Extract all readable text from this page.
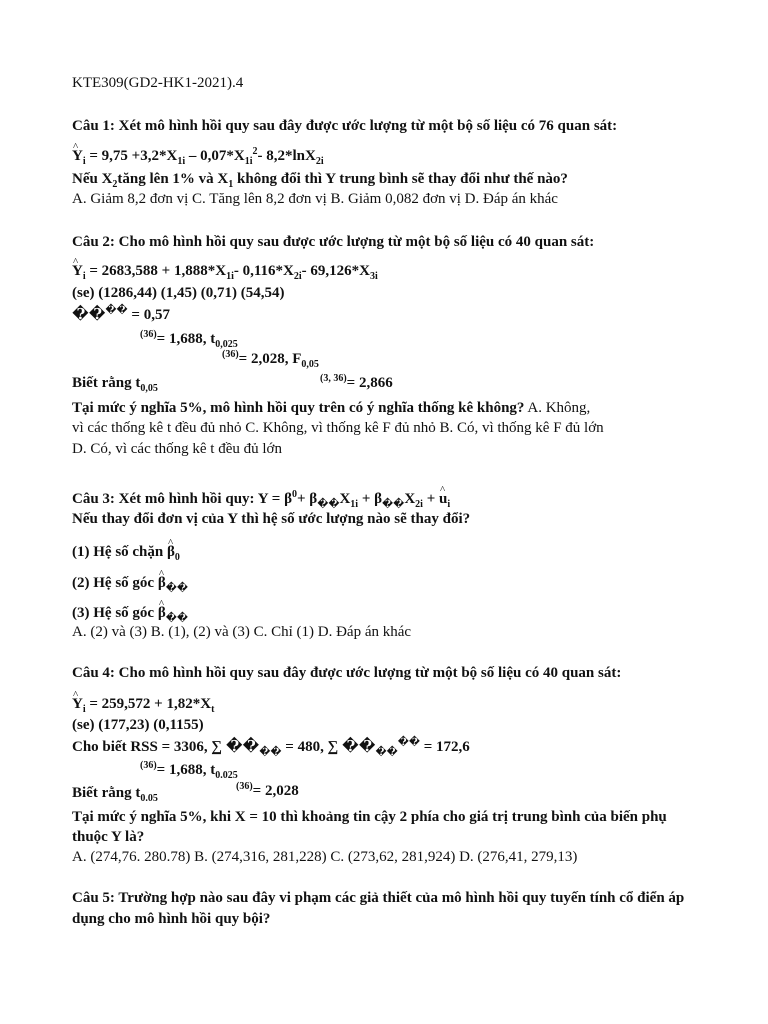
KTE309(GD2-HK1-2021).4
Câu 1: Xét mô hình hồi quy sau đây được ước lượng từ một bộ số liệu có 76 quan sát:
^ $Y_i = 9,75 +3,2*X_{1i} - 0,07*X_{1i}^2-$ 8,2*lnX$_{2i}$
Nếu $X_2tăng$ lên 1% và $X_1$ không đổi thì Y trung bình sẽ thay đổi như thế nào?
A. Giảm 8,2 đơn vị C. Tăng lên 8,2 đơn vị B. Giảm 0,082 đơn vị D. Đáp án khác
Câu 2: Cho mô hình hồi quy sau được ước lượng từ một bộ số liệu có 40 quan sát:
^ $Y_i = 2683,588 + 1,888*X_{1i}-$ $0,116*X_{2i}-$ $69,126*X_{3i}$
(se) (1286,44) (1,45) (0,71) (54,54)
���� = 0,57
$^{(36)}$= 1,688, $t_{0,025}$
$^{(36)}$= 2,028, $F_{0,05}$
Biết rằng $t_{0,05}$
$^{(3, 36)}$= 2,866
Tại mức ý nghĩa 5%, mô hình hồi quy trên có ý nghĩa thống kê không? A. Không,
vì các thống kê t đều đủ nhỏ C. Không, vì thống kê F đủ nhỏ B. Có, vì thống kê F đủ lớn
D. Có, vì các thống kê t đều đủ lớn
Câu 3: Xét mô hình hồi quy: $Y = \beta^0+ \beta_{��}X_{1i} + \beta_{��}X_{2i}$ + ^ $u_i$
Nếu thay đổi đơn vị của Y thì hệ số ước lượng nào sẽ thay đổi?
(1) Hệ số chặn ^ $\beta_0$
(2) Hệ số góc ^ $\beta_{��}$
(3) Hệ số góc ^ $\beta_{��}$
A. (2) và (3) B. (1), (2) và (3) C. Chỉ (1) D. Đáp án khác
Câu 4: Cho mô hình hồi quy sau đây được ước lượng từ một bộ số liệu có 40 quan sát:
^ $Y_i = 259,572 + 1,82*X_t$
(se) (177,23) (0,1155)
Cho biết RSS = 3306, ∑ $��_{��} = 480$, ∑ $��_{��}^{��} = 172,6$
$^{(36)}$= 1,688, $t_{0.025}$
Biết rằng $t_{0.05}$
$^{(36)}$= 2,028
Tại mức ý nghĩa 5%, khi X = 10 thì khoảng tin cậy 2 phía cho giá trị trung bình của biến phụ
thuộc Y là?
A. (274,76. 280.78) B. (274,316, 281,228) C. (273,62, 281,924) D. (276,41, 279,13)
Câu 5: Trường hợp nào sau đây vi phạm các giả thiết của mô hình hồi quy tuyến tính cổ điển áp
dụng cho mô hình hồi quy bội?
